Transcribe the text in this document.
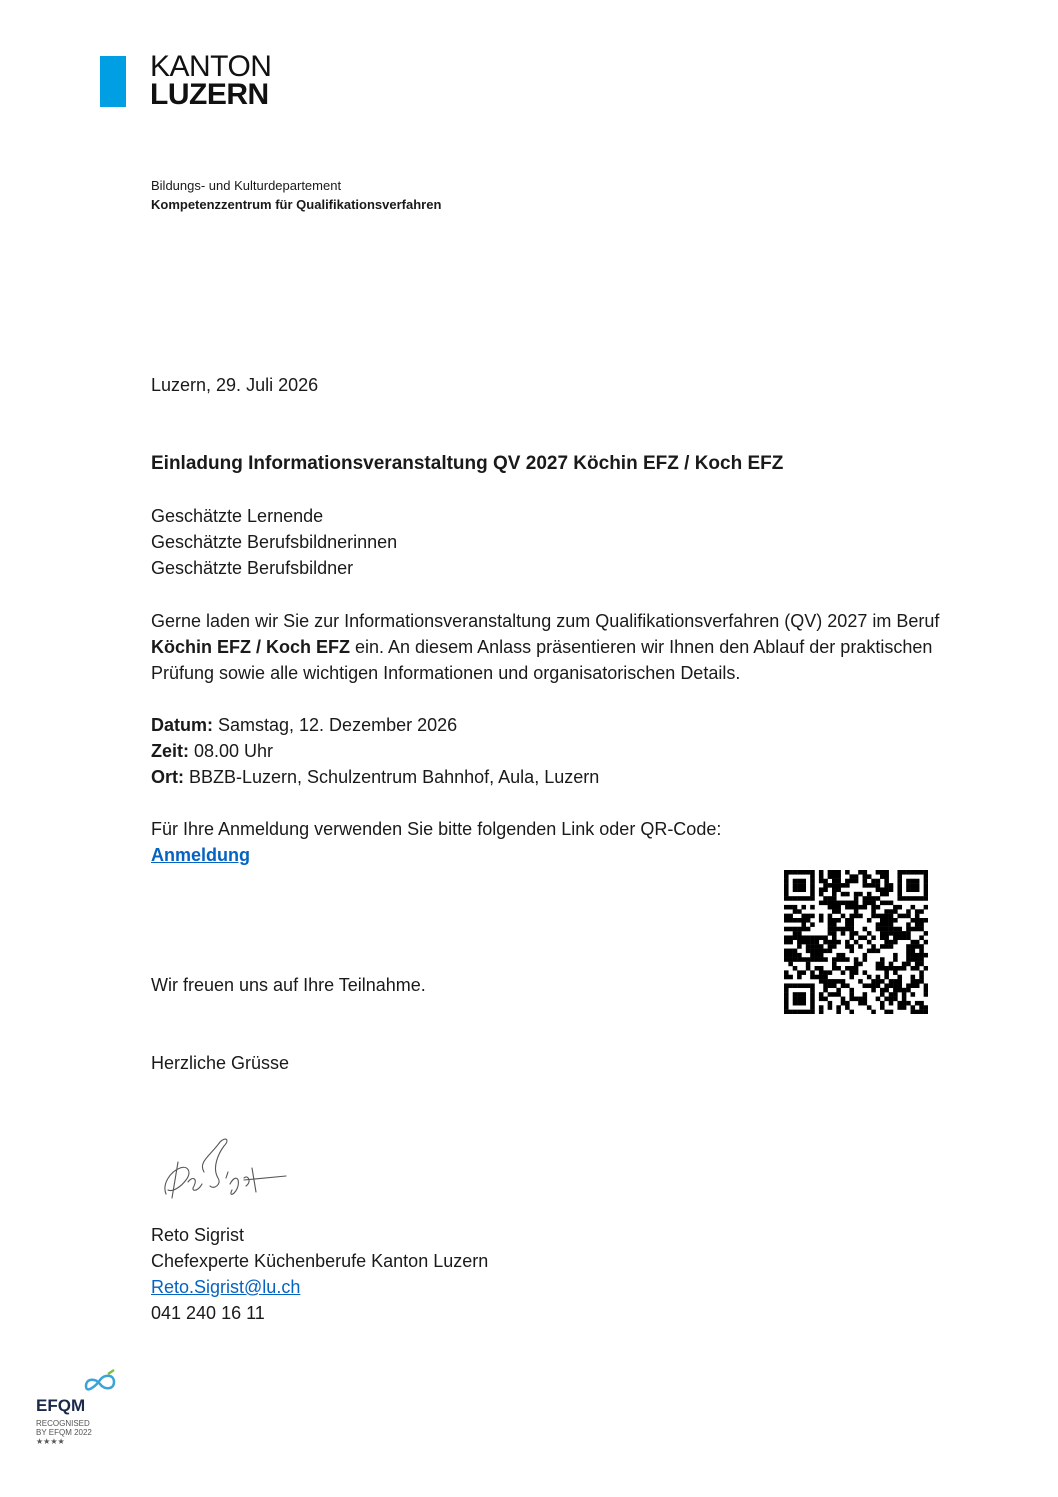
KANTON
LUZERN
Bildungs- und Kulturdepartement
Kompetenzzentrum für Qualifikationsverfahren
Luzern, 29. Juli 2026
Einladung Informationsveranstaltung QV 2027 Köchin EFZ / Koch EFZ
Geschätzte Lernende
Geschätzte Berufsbildnerinnen
Geschätzte Berufsbildner
Gerne laden wir Sie zur Informationsveranstaltung zum Qualifikationsverfahren (QV) 2027 im Beruf Köchin EFZ / Koch EFZ ein. An diesem Anlass präsentieren wir Ihnen den Ablauf der praktischen Prüfung sowie alle wichtigen Informationen und organisatorischen Details.
Datum: Samstag, 12. Dezember 2026
Zeit: 08.00 Uhr
Ort: BBZB-Luzern, Schulzentrum Bahnhof, Aula, Luzern
Für Ihre Anmeldung verwenden Sie bitte folgenden Link oder QR-Code:
Anmeldung
Wir freuen uns auf Ihre Teilnahme.
Herzliche Grüsse
Reto Sigrist
Chefexperte Küchenberufe Kanton Luzern
Reto.Sigrist@lu.ch
041 240 16 11
EFQM
RECOGNISED
BY EFQM 2022
★★★★
